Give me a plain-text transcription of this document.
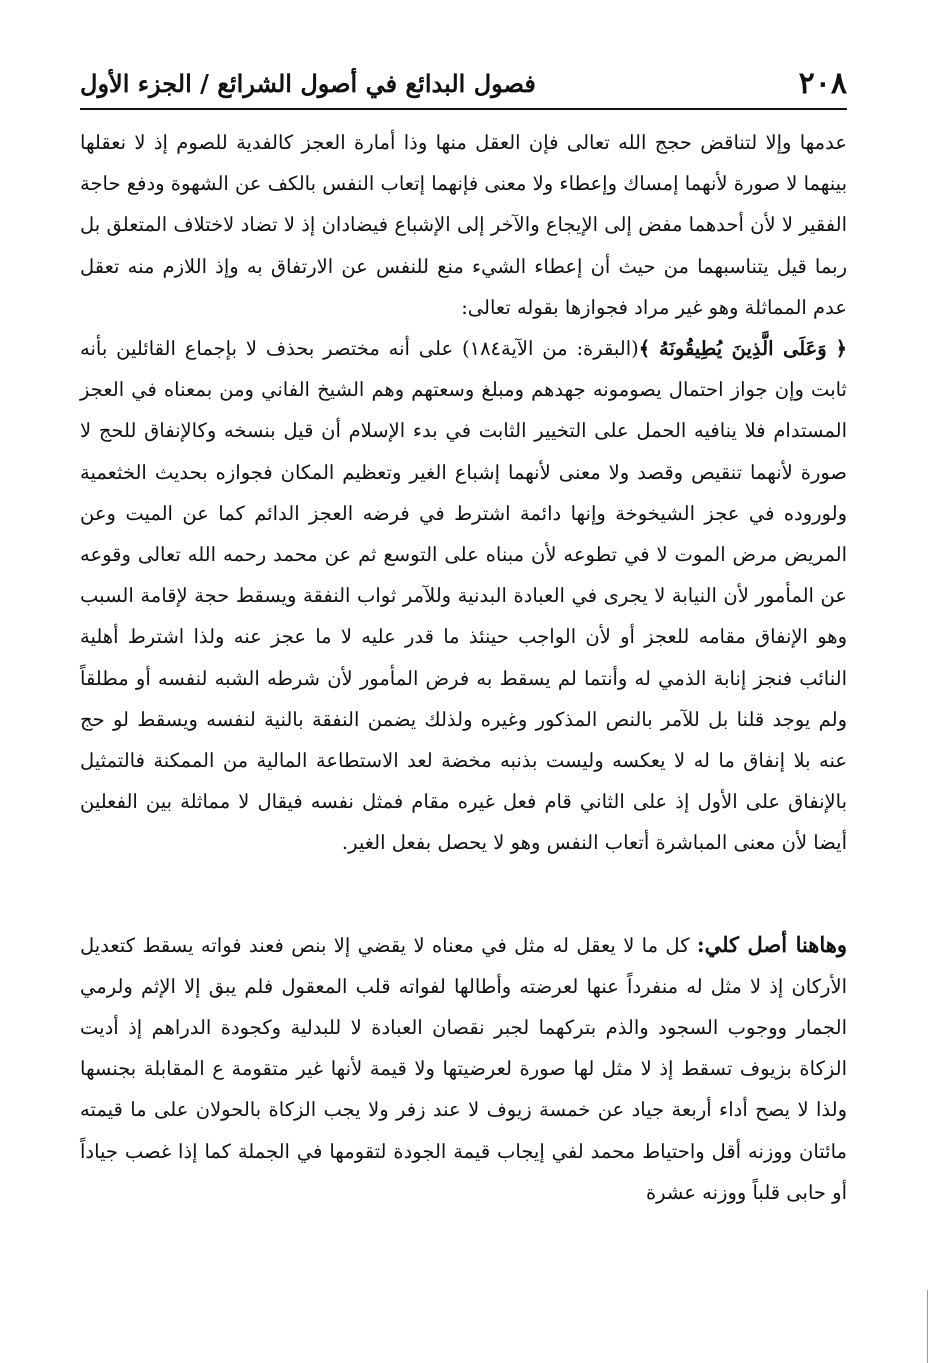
٢٠٨
فصول البدائع في أصول الشرائع / الجزء الأول

عدمها وإلا لتناقض حجج الله تعالى فإن العقل منها وذا أمارة العجز كالفدية للصوم إذ لا نعقلها بينهما لا صورة لأنهما إمساك وإعطاء ولا معنى فإنهما إتعاب النفس بالكف عن الشهوة ودفع حاجة الفقير لا لأن أحدهما مفض إلى الإيجاع والآخر إلى الإشباع فيضادان إذ لا تضاد لاختلاف المتعلق بل ربما قيل يتناسبهما من حيث أن إعطاء الشيء منع للنفس عن الارتفاق به وإذ اللازم منه تعقل عدم المماثلة وهو غير مراد فجوازها بقوله تعالى:

﴿ وَعَلَى الَّذِينَ يُطِيقُونَهُ ﴾(البقرة: من الآية١٨٤) على أنه مختصر بحذف لا بإجماع القائلين بأنه ثابت وإن جواز احتمال يصومونه جهدهم ومبلغ وسعتهم وهم الشيخ الفاني ومن بمعناه في العجز المستدام فلا ينافيه الحمل على التخيير الثابت في بدء الإسلام أن قيل بنسخه وكالإنفاق للحج لا صورة لأنهما تنقيص وقصد ولا معنى لأنهما إشباع الغير وتعظيم المكان فجوازه بحديث الخثعمية ولوروده في عجز الشيخوخة وإنها دائمة اشترط في فرضه العجز الدائم كما عن الميت وعن المريض مرض الموت لا في تطوعه لأن مبناه على التوسع ثم عن محمد رحمه الله تعالى وقوعه عن المأمور لأن النيابة لا يجرى في العبادة البدنية وللآمر ثواب النفقة ويسقط حجة لإقامة السبب وهو الإنفاق مقامه للعجز أو لأن الواجب حينئذ ما قدر عليه لا ما عجز عنه ولذا اشترط أهلية النائب فنجز إنابة الذمي له وأنتما لم يسقط به فرض المأمور لأن شرطه الشبه لنفسه أو مطلقاً ولم يوجد قلنا بل للآمر بالنص المذكور وغيره ولذلك يضمن النفقة بالنية لنفسه ويسقط لو حج عنه بلا إنفاق ما له لا يعكسه وليست بذنبه مخضة لعد الاستطاعة المالية من الممكنة فالتمثيل بالإنفاق على الأول إذ على الثاني قام فعل غيره مقام فمثل نفسه فيقال لا مماثلة بين الفعلين أيضا لأن معنى المباشرة أتعاب النفس وهو لا يحصل بفعل الغير.

وهاهنا أصل كلي: كل ما لا يعقل له مثل في معناه لا يقضي إلا بنص فعند فواته يسقط كتعديل الأركان إذ لا مثل له منفرداً عنها لعرضته وأطالها لفواته قلب المعقول فلم يبق إلا الإثم ولرمي الجمار ووجوب السجود والذم بتركهما لجبر نقصان العبادة لا للبدلية وكجودة الدراهم إذ أديت الزكاة بزيوف تسقط إذ لا مثل لها صورة لعرضيتها ولا قيمة لأنها غير متقومة ع المقابلة بجنسها ولذا لا يصح أداء أربعة جياد عن خمسة زيوف لا عند زفر ولا يجب الزكاة بالحولان على ما قيمته مائتان ووزنه أقل واحتياط محمد لفي إيجاب قيمة الجودة لتقومها في الجملة كما إذا غصب جياداً أو حابى قلباً ووزنه عشرة
